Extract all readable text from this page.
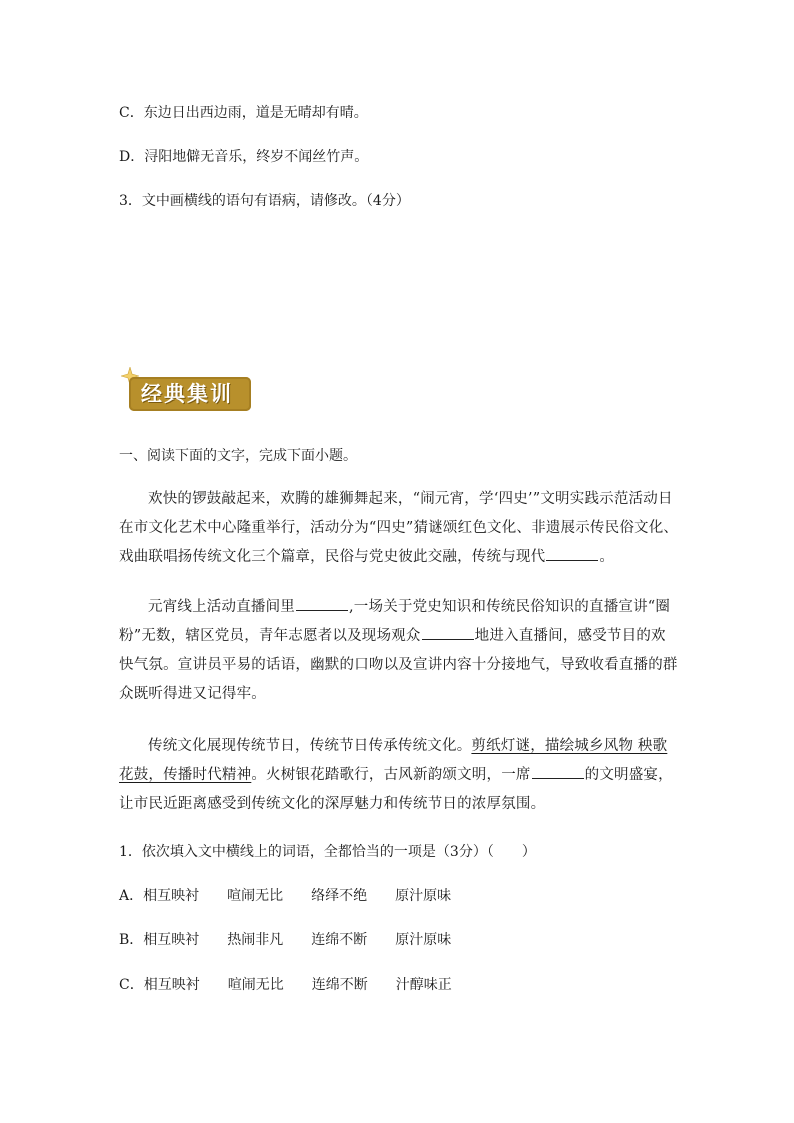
C．东边日出西边雨，道是无晴却有晴。
D．浔阳地僻无音乐，终岁不闻丝竹声。
3．文中画横线的语句有语病，请修改。（4分）
经典集训
一、阅读下面的文字，完成下面小题。
欢快的锣鼓敲起来，欢腾的雄狮舞起来，“闹元宵，学‘四史’”文明实践示范活动日在市文化艺术中心隆重举行，活动分为“四史”猜谜颂红色文化、非遗展示传民俗文化、戏曲联唱扬传统文化三个篇章，民俗与党史彼此交融，传统与现代	。
元宵线上活动直播间里	,一场关于党史知识和传统民俗知识的直播宣讲“圈粉”无数，辖区党员，青年志愿者以及现场观众	地进入直播间，感受节目的欢快气氛。宣讲员平易的话语，幽默的口吻以及宣讲内容十分接地气，导致收看直播的群众既听得进又记得牢。
传统文化展现传统节日，传统节日传承传统文化。剪纸灯谜，描绘城乡风物 秧歌花鼓，传播时代精神。火树银花踏歌行，古风新韵颂文明，一席	的文明盛宴，让市民近距离感受到传统文化的深厚魅力和传统节日的浓厚氛围。
1．依次填入文中横线上的词语，全都恰当的一项是（3分）（　　）
A．相互映衬 喧闹无比 络绎不绝 原汁原味
B．相互映衬 热闹非凡 连绵不断 原汁原味
C．相互映衬 喧闹无比 连绵不断 汁醇味正
